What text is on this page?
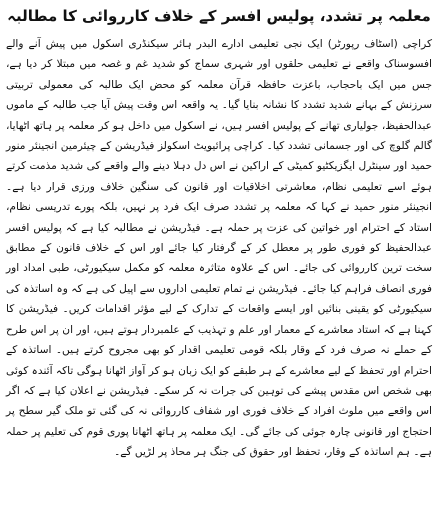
معلمہ پر تشدد، پولیس افسر کے خلاف کارروائی کا مطالبہ

کراچی (اسٹاف رپورٹر) ایک نجی تعلیمی ادارے البدر ہائر سیکنڈری اسکول میں پیش آنے والے افسوسناک واقعے نے تعلیمی حلقوں اور شہری سماج کو شدید غم و غصہ میں مبتلا کر دیا ہے، جس میں ایک باحجاب، باعزت حافظہ قرآن معلمہ کو محض ایک طالبہ کی معمولی تربیتی سرزنش کے بہانے شدید تشدد کا نشانہ بنایا گیا۔ یہ واقعہ اس وقت پیش آیا جب طالبہ کے ماموں عبدالحفیظ، جولیاری تھانے کے پولیس افسر ہیں، نے اسکول میں داخل ہو کر معلمہ پر ہاتھ اٹھایا، گالم گلوچ کی اور جسمانی تشدد کیا۔ کراچی پرائیویٹ اسکولز فیڈریشن کے چیئرمین انجینئر منور حمید اور سینٹرل ایگزیکٹیو کمیٹی کے اراکین نے اس دل دہلا دینے والے واقعے کی شدید مذمت کرتے ہوئے اسے تعلیمی نظام، معاشرتی اخلاقیات اور قانون کی سنگین خلاف ورزی قرار دیا ہے۔ انجینئر منور حمید نے کہا کہ معلمہ پر تشدد صرف ایک فرد پر نہیں، بلکہ پورے تدریسی نظام، استاد کے احترام اور خواتین کی عزت پر حملہ ہے۔ فیڈریشن نے مطالبہ کیا ہے کہ پولیس افسر عبدالحفیظ کو فوری طور پر معطل کر کے گرفتار کیا جائے اور اس کے خلاف قانون کے مطابق سخت ترین کارروائی کی جائے۔ اس کے علاوہ متاثرہ معلمہ کو مکمل سیکیورٹی، طبی امداد اور فوری انصاف فراہم کیا جائے۔ فیڈریشن نے تمام تعلیمی اداروں سے اپیل کی ہے کہ وہ اساتذہ کی سیکیورٹی کو یقینی بنائیں اور ایسے واقعات کے تدارک کے لیے مؤثر اقدامات کریں۔ فیڈریشن کا کہنا ہے کہ استاد معاشرے کے معمار اور علم و تہذیب کے علمبردار ہوتے ہیں، اور ان پر اس طرح کے حملے نہ صرف فرد کے وقار بلکہ قومی تعلیمی اقدار کو بھی مجروح کرتے ہیں۔ اساتذہ کے احترام اور تحفظ کے لیے معاشرے کے ہر طبقے کو ایک زبان ہو کر آواز اٹھانا ہوگی تاکہ آئندہ کوئی بھی شخص اس مقدس پیشے کی توہین کی جرات نہ کر سکے۔ فیڈریشن نے اعلان کیا ہے کہ اگر اس واقعے میں ملوث افراد کے خلاف فوری اور شفاف کارروائی نہ کی گئی تو ملک گیر سطح پر احتجاج اور قانونی چارہ جوئی کی جائے گی۔ ایک معلمہ پر ہاتھ اٹھانا پوری قوم کی تعلیم پر حملہ ہے۔ ہم اساتذہ کے وقار، تحفظ اور حقوق کی جنگ ہر محاذ پر لڑیں گے۔
